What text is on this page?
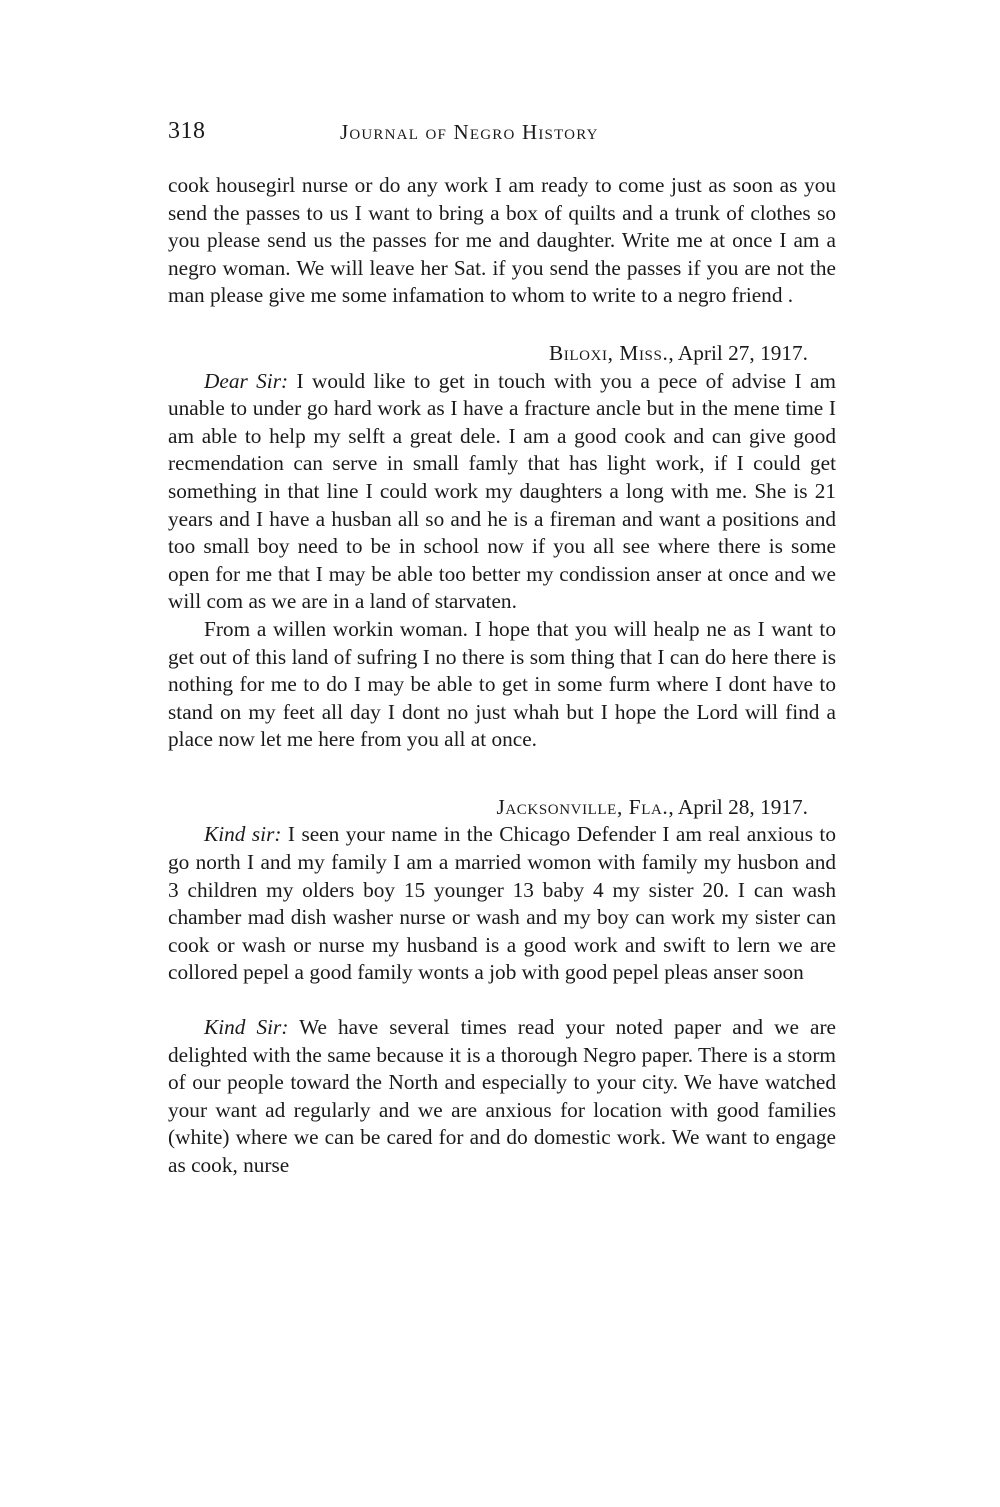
318	Journal of Negro History

cook housegirl nurse or do any work I am ready to come just as soon as you send the passes to us I want to bring a box of quilts and a trunk of clothes so you please send us the passes for me and daughter. Write me at once I am a negro woman. We will leave her Sat. if you send the passes if you are not the man please give me some infamation to whom to write to a negro friend .

Biloxi, Miss., April 27, 1917.

Dear Sir: I would like to get in touch with you a pece of advise I am unable to under go hard work as I have a fracture ancle but in the mene time I am able to help my selft a great dele. I am a good cook and can give good recmendation can serve in small famly that has light work, if I could get something in that line I could work my daughters a long with me. She is 21 years and I have a husban all so and he is a fireman and want a positions and too small boy need to be in school now if you all see where there is some open for me that I may be able too better my condission anser at once and we will com as we are in a land of starvaten.

From a willen workin woman. I hope that you will healp ne as I want to get out of this land of sufring I no there is som thing that I can do here there is nothing for me to do I may be able to get in some furm where I dont have to stand on my feet all day I dont no just whah but I hope the Lord will find a place now let me here from you all at once.

Jacksonville, Fla., April 28, 1917.

Kind sir: I seen your name in the Chicago Defender I am real anxious to go north I and my family I am a married womon with family my husbon and 3 children my olders boy 15 younger 13 baby 4 my sister 20. I can wash chamber mad dish washer nurse or wash and my boy can work my sister can cook or wash or nurse my husband is a good work and swift to lern we are collored pepel a good family wonts a job with good pepel pleas anser soon

Kind Sir: We have several times read your noted paper and we are delighted with the same because it is a thorough Negro paper. There is a storm of our people toward the North and especially to your city. We have watched your want ad regularly and we are anxious for location with good families (white) where we can be cared for and do domestic work. We want to engage as cook, nurse
